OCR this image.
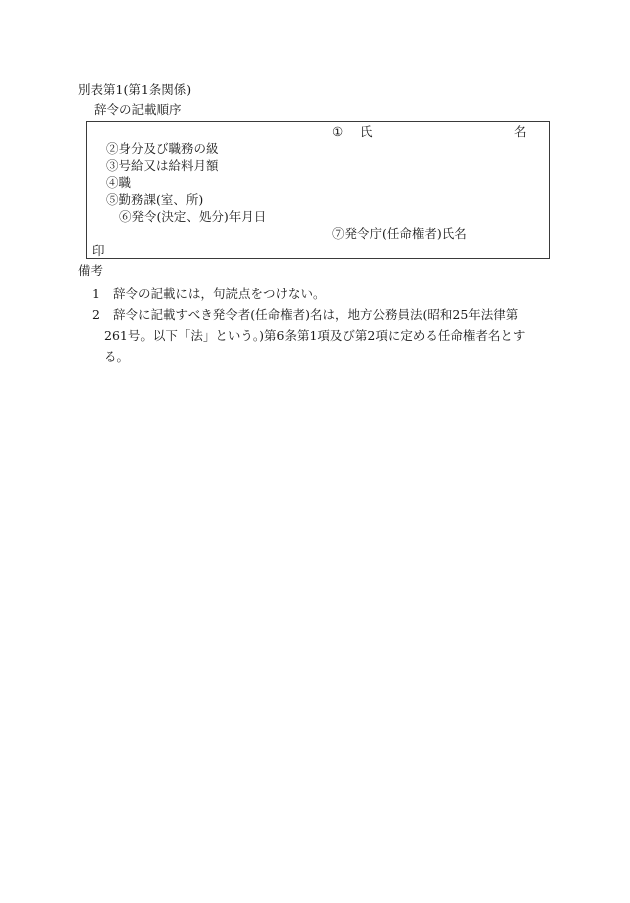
別表第1(第1条関係)
辞令の記載順序
① 氏	名
②身分及び職務の級
③号給又は給料月額
④職
⑤勤務課(室、所)
⑥発令(決定、処分)年月日
⑦発令庁(任命権者)氏名
印
備考
1 辞令の記載には，句読点をつけない。
2 辞令に記載すべき発令者(任命権者)名は，地方公務員法(昭和25年法律第
261号。以下「法」という。)第6条第1項及び第2項に定める任命権者名とす
る。
